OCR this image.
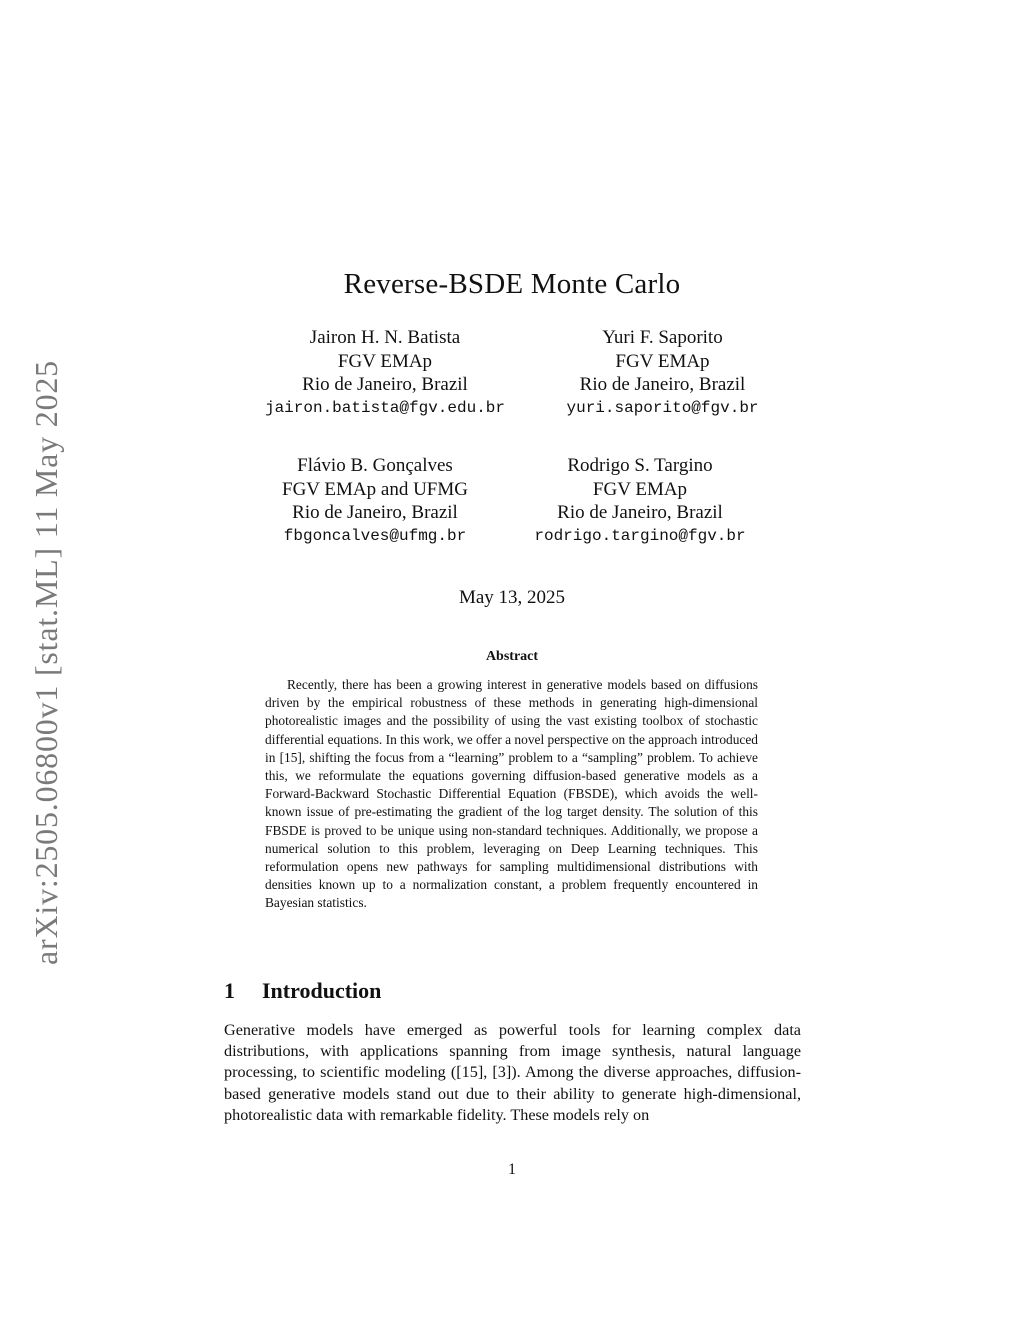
arXiv:2505.06800v1 [stat.ML] 11 May 2025
Reverse-BSDE Monte Carlo
Jairon H. N. Batista
FGV EMAp
Rio de Janeiro, Brazil
jairon.batista@fgv.edu.br
Yuri F. Saporito
FGV EMAp
Rio de Janeiro, Brazil
yuri.saporito@fgv.br
Flávio B. Gonçalves
FGV EMAp and UFMG
Rio de Janeiro, Brazil
fbgoncalves@ufmg.br
Rodrigo S. Targino
FGV EMAp
Rio de Janeiro, Brazil
rodrigo.targino@fgv.br
May 13, 2025
Abstract

Recently, there has been a growing interest in generative models based on diffusions driven by the empirical robustness of these methods in generating high-dimensional photorealistic images and the possibility of using the vast existing toolbox of stochastic differential equations. In this work, we offer a novel perspective on the approach introduced in [15], shifting the focus from a “learning” problem to a “sampling” problem. To achieve this, we reformulate the equations governing diffusion-based generative models as a Forward-Backward Stochastic Differential Equation (FBSDE), which avoids the well-known issue of pre-estimating the gradient of the log target density. The solution of this FBSDE is proved to be unique using non-standard techniques. Additionally, we propose a numerical solution to this problem, leveraging on Deep Learning techniques. This reformulation opens new pathways for sampling multidimensional distributions with densities known up to a normalization constant, a problem frequently encountered in Bayesian statistics.

1 Introduction

Generative models have emerged as powerful tools for learning complex data distributions, with applications spanning from image synthesis, natural language processing, to scientific modeling ([15], [3]). Among the diverse approaches, diffusion-based generative models stand out due to their ability to generate high-dimensional, photorealistic data with remarkable fidelity. These models rely on

1
